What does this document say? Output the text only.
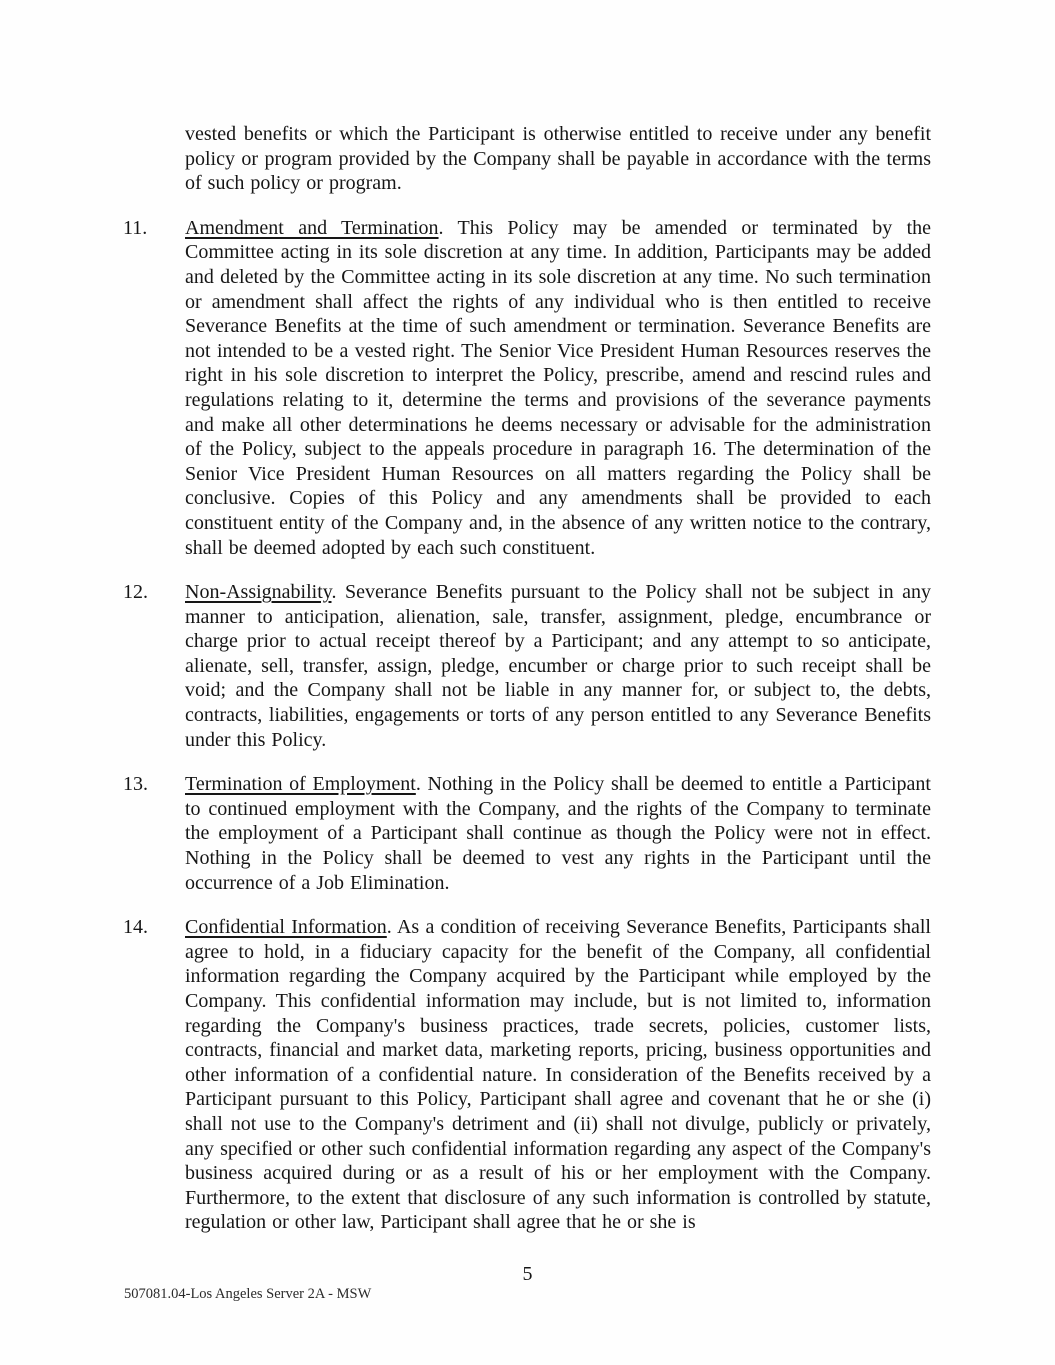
vested benefits or which the Participant is otherwise entitled to receive under any benefit policy or program provided by the Company shall be payable in accordance with the terms of such policy or program.
11. Amendment and Termination. This Policy may be amended or terminated by the Committee acting in its sole discretion at any time. In addition, Participants may be added and deleted by the Committee acting in its sole discretion at any time. No such termination or amendment shall affect the rights of any individual who is then entitled to receive Severance Benefits at the time of such amendment or termination. Severance Benefits are not intended to be a vested right. The Senior Vice President Human Resources reserves the right in his sole discretion to interpret the Policy, prescribe, amend and rescind rules and regulations relating to it, determine the terms and provisions of the severance payments and make all other determinations he deems necessary or advisable for the administration of the Policy, subject to the appeals procedure in paragraph 16. The determination of the Senior Vice President Human Resources on all matters regarding the Policy shall be conclusive. Copies of this Policy and any amendments shall be provided to each constituent entity of the Company and, in the absence of any written notice to the contrary, shall be deemed adopted by each such constituent.
12. Non-Assignability. Severance Benefits pursuant to the Policy shall not be subject in any manner to anticipation, alienation, sale, transfer, assignment, pledge, encumbrance or charge prior to actual receipt thereof by a Participant; and any attempt to so anticipate, alienate, sell, transfer, assign, pledge, encumber or charge prior to such receipt shall be void; and the Company shall not be liable in any manner for, or subject to, the debts, contracts, liabilities, engagements or torts of any person entitled to any Severance Benefits under this Policy.
13. Termination of Employment. Nothing in the Policy shall be deemed to entitle a Participant to continued employment with the Company, and the rights of the Company to terminate the employment of a Participant shall continue as though the Policy were not in effect. Nothing in the Policy shall be deemed to vest any rights in the Participant until the occurrence of a Job Elimination.
14. Confidential Information. As a condition of receiving Severance Benefits, Participants shall agree to hold, in a fiduciary capacity for the benefit of the Company, all confidential information regarding the Company acquired by the Participant while employed by the Company. This confidential information may include, but is not limited to, information regarding the Company's business practices, trade secrets, policies, customer lists, contracts, financial and market data, marketing reports, pricing, business opportunities and other information of a confidential nature. In consideration of the Benefits received by a Participant pursuant to this Policy, Participant shall agree and covenant that he or she (i) shall not use to the Company's detriment and (ii) shall not divulge, publicly or privately, any specified or other such confidential information regarding any aspect of the Company's business acquired during or as a result of his or her employment with the Company. Furthermore, to the extent that disclosure of any such information is controlled by statute, regulation or other law, Participant shall agree that he or she is
5
507081.04-Los Angeles Server 2A - MSW
